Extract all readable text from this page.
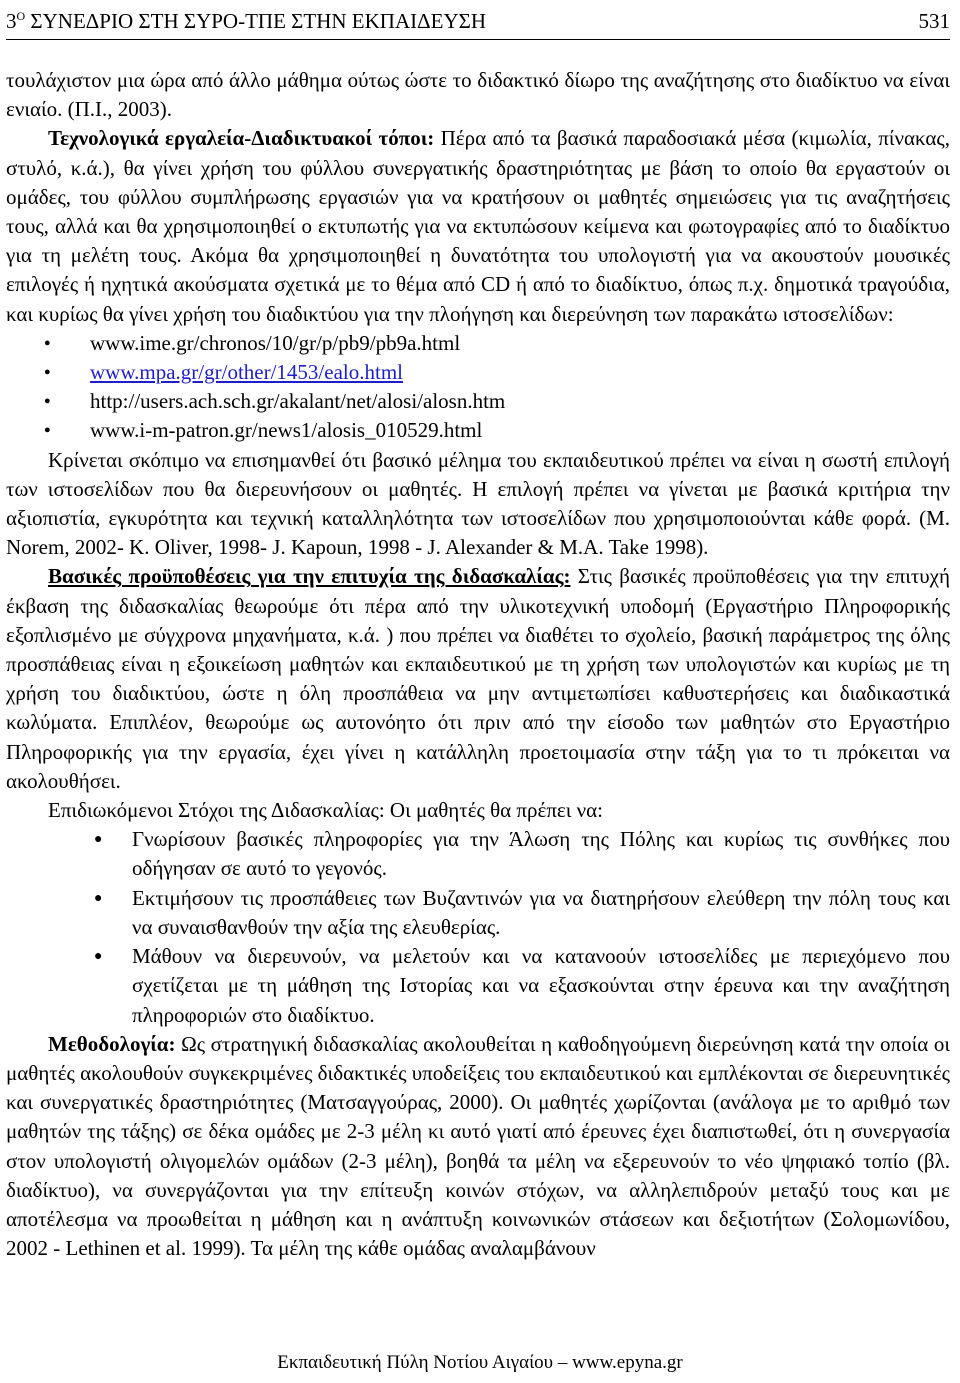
$3^O$ ΣΥΝΕΔΡΙΟ ΣΤΗ ΣΥΡΟ-ΤΠΕ ΣΤΗΝ ΕΚΠΑΙΔΕΥΣΗ	531

τουλάχιστον μια ώρα από άλλο μάθημα ούτως ώστε το διδακτικό δίωρο της αναζήτησης στο διαδίκτυο να είναι ενιαίο. (Π.Ι., 2003).

Τεχνολογικά εργαλεία-Διαδικτυακοί τόποι: Πέρα από τα βασικά παραδοσιακά μέσα (κιμωλία, πίνακας, στυλό, κ.ά.), θα γίνει χρήση του φύλλου συνεργατικής δραστηριότητας με βάση το οποίο θα εργαστούν οι ομάδες, του φύλλου συμπλήρωσης εργασιών για να κρατήσουν οι μαθητές σημειώσεις για τις αναζητήσεις τους, αλλά και θα χρησιμοποιηθεί ο εκτυπωτής για να εκτυπώσουν κείμενα και φωτογραφίες από το διαδίκτυο για τη μελέτη τους. Ακόμα θα χρησιμοποιηθεί η δυνατότητα του υπολογιστή για να ακουστούν μουσικές επιλογές ή ηχητικά ακούσματα σχετικά με το θέμα από CD ή από το διαδίκτυο, όπως π.χ. δημοτικά τραγούδια, και κυρίως θα γίνει χρήση του διαδικτύου για την πλοήγηση και διερεύνηση των παρακάτω ιστοσελίδων:

● www.ime.gr/chronos/10/gr/p/pb9/pb9a.html
● www.mpa.gr/gr/other/1453/ealo.html
● http://users.ach.sch.gr/akalant/net/alosi/alosn.htm
● www.i-m-patron.gr/news1/alosis_010529.html

Κρίνεται σκόπιμο να επισημανθεί ότι βασικό μέλημα του εκπαιδευτικού πρέπει να είναι η σωστή επιλογή των ιστοσελίδων που θα διερευνήσουν οι μαθητές. Η επιλογή πρέπει να γίνεται με βασικά κριτήρια την αξιοπιστία, εγκυρότητα και τεχνική καταλληλότητα των ιστοσελίδων που χρησιμοποιούνται κάθε φορά. (M. Norem, 2002- K. Oliver, 1998- J. Kapoun, 1998 - J. Alexander & M.A. Take 1998).

Βασικές προϋποθέσεις για την επιτυχία της διδασκαλίας: Στις βασικές προϋποθέσεις για την επιτυχή έκβαση της διδασκαλίας θεωρούμε ότι πέρα από την υλικοτεχνική υποδομή (Εργαστήριο Πληροφορικής εξοπλισμένο με σύγχρονα μηχανήματα, κ.ά. ) που πρέπει να διαθέτει το σχολείο, βασική παράμετρος της όλης προσπάθειας είναι η εξοικείωση μαθητών και εκπαιδευτικού με τη χρήση των υπολογιστών και κυρίως με τη χρήση του διαδικτύου, ώστε η όλη προσπάθεια να μην αντιμετωπίσει καθυστερήσεις και διαδικαστικά κωλύματα. Επιπλέον, θεωρούμε ως αυτονόητο ότι πριν από την είσοδο των μαθητών στο Εργαστήριο Πληροφορικής για την εργασία, έχει γίνει η κατάλληλη προετοιμασία στην τάξη για το τι πρόκειται να ακολουθήσει.

Επιδιωκόμενοι Στόχοι της Διδασκαλίας: Οι μαθητές θα πρέπει να:

● Γνωρίσουν βασικές πληροφορίες για την Άλωση της Πόλης και κυρίως τις συνθήκες που οδήγησαν σε αυτό το γεγονός.
● Εκτιμήσουν τις προσπάθειες των Βυζαντινών για να διατηρήσουν ελεύθερη την πόλη τους και να συναισθανθούν την αξία της ελευθερίας.
● Μάθουν να διερευνούν, να μελετούν και να κατανοούν ιστοσελίδες με περιεχόμενο που σχετίζεται με τη μάθηση της Ιστορίας και να εξασκούνται στην έρευνα και την αναζήτηση πληροφοριών στο διαδίκτυο.

Μεθοδολογία: Ως στρατηγική διδασκαλίας ακολουθείται η καθοδηγούμενη διερεύνηση κατά την οποία οι μαθητές ακολουθούν συγκεκριμένες διδακτικές υποδείξεις του εκπαιδευτικού και εμπλέκονται σε διερευνητικές και συνεργατικές δραστηριότητες (Ματσαγγούρας, 2000). Οι μαθητές χωρίζονται (ανάλογα με το αριθμό των μαθητών της τάξης) σε δέκα ομάδες με 2-3 μέλη κι αυτό γιατί από έρευνες έχει διαπιστωθεί, ότι η συνεργασία στον υπολογιστή ολιγομελών ομάδων (2-3 μέλη), βοηθά τα μέλη να εξερευνούν το νέο ψηφιακό τοπίο (βλ. διαδίκτυο), να συνεργάζονται για την επίτευξη κοινών στόχων, να αλληλεπιδρούν μεταξύ τους και με αποτέλεσμα να προωθείται η μάθηση και η ανάπτυξη κοινωνικών στάσεων και δεξιοτήτων (Σολομωνίδου, 2002 - Lethinen et al. 1999). Τα μέλη της κάθε ομάδας αναλαμβάνουν

Εκπαιδευτική Πύλη Νοτίου Αιγαίου – www.epyna.gr
